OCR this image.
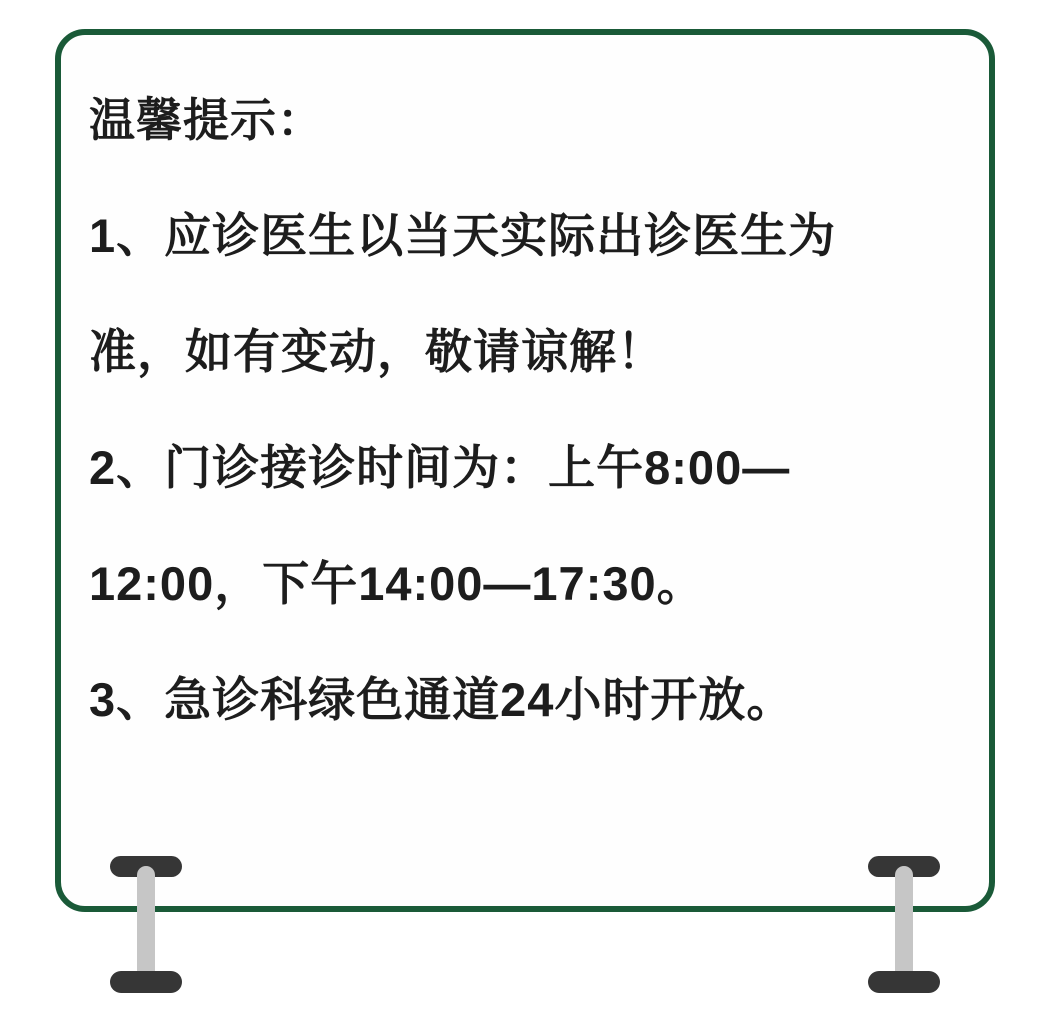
温馨提示：
1、应诊医生以当天实际出诊医生为
准，如有变动，敬请谅解！
2、门诊接诊时间为：上午8:00—
12:00，下午14:00—17:30。
3、急诊科绿色通道24小时开放。
